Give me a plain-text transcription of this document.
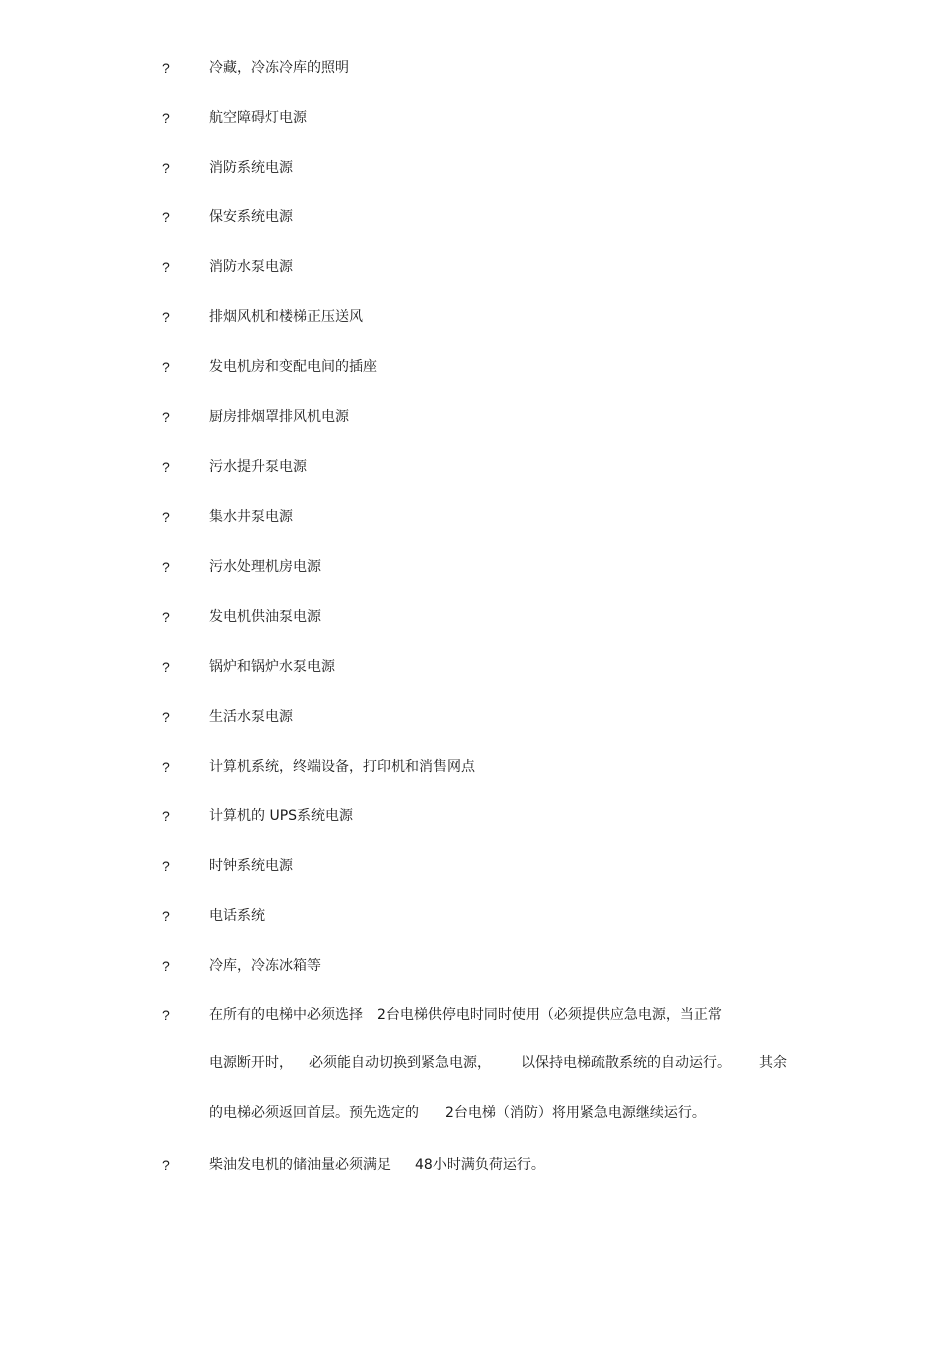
?	冷藏，冷冻冷库的照明
?	航空障碍灯电源
?	消防系统电源
?	保安系统电源
?	消防水泵电源
?	排烟风机和楼梯正压送风
?	发电机房和变配电间的插座
?	厨房排烟罩排风机电源
?	污水提升泵电源
?	集水井泵电源
?	污水处理机房电源
?	发电机供油泵电源
?	锅炉和锅炉水泵电源
?	生活水泵电源
?	计算机系统，终端设备，打印机和消售网点
?	计算机的 UPS系统电源
?	时钟系统电源
?	电话系统
?	冷库，冷冻冰箱等
?	在所有的电梯中必须选择 2台电梯供停电时同时使用（必须提供应急电源，当正常
电源断开时， 必须能自动切换到紧急电源， 以保持电梯疏散系统的自动运行。 其余
的电梯必须返回首层。预先选定的 2台电梯（消防）将用紧急电源继续运行。
?	柴油发电机的储油量必须满足 48小时满负荷运行。
